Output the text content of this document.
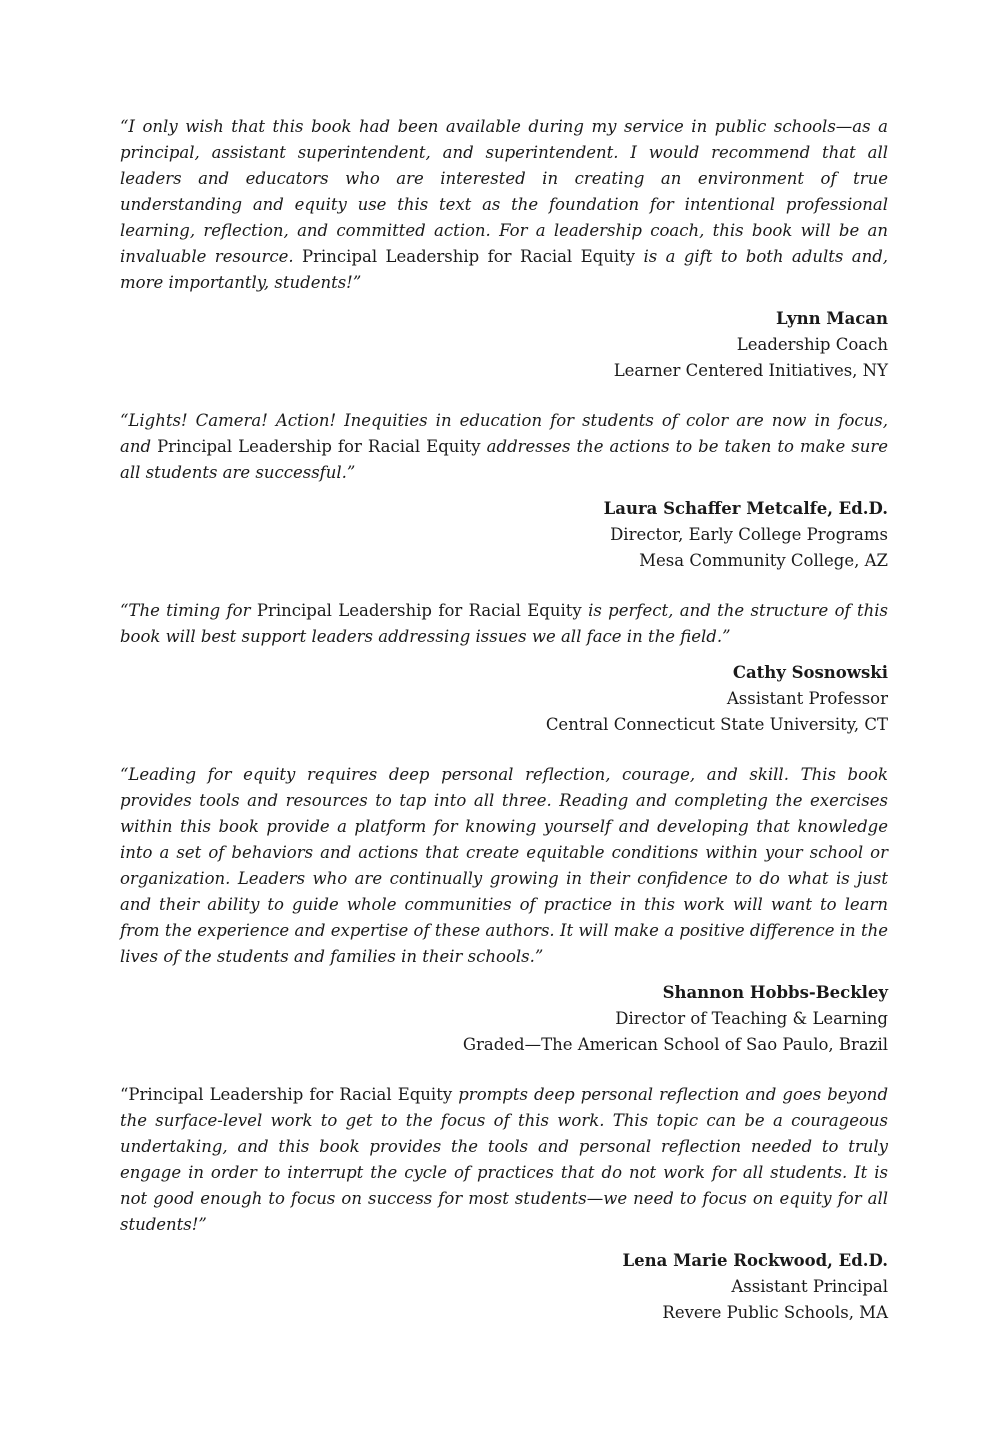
“I only wish that this book had been available during my service in public schools—as a principal, assistant superintendent, and superintendent. I would recommend that all leaders and educators who are interested in creating an environment of true understanding and equity use this text as the foundation for intentional professional learning, reflection, and committed action. For a leadership coach, this book will be an invaluable resource. Principal Leadership for Racial Equity is a gift to both adults and, more importantly, students!”

Lynn Macan
Leadership Coach
Learner Centered Initiatives, NY

“Lights! Camera! Action! Inequities in education for students of color are now in focus, and Principal Leadership for Racial Equity addresses the actions to be taken to make sure all students are successful.”

Laura Schaffer Metcalfe, Ed.D.
Director, Early College Programs
Mesa Community College, AZ

“The timing for Principal Leadership for Racial Equity is perfect, and the structure of this book will best support leaders addressing issues we all face in the field.”

Cathy Sosnowski
Assistant Professor
Central Connecticut State University, CT

“Leading for equity requires deep personal reflection, courage, and skill. This book provides tools and resources to tap into all three. Reading and completing the exercises within this book provide a platform for knowing yourself and developing that knowledge into a set of behaviors and actions that create equitable conditions within your school or organization. Leaders who are continually growing in their confidence to do what is just and their ability to guide whole communities of practice in this work will want to learn from the experience and expertise of these authors. It will make a positive difference in the lives of the students and families in their schools.”

Shannon Hobbs-Beckley
Director of Teaching & Learning
Graded—The American School of Sao Paulo, Brazil

“Principal Leadership for Racial Equity prompts deep personal reflection and goes beyond the surface-level work to get to the focus of this work. This topic can be a courageous undertaking, and this book provides the tools and personal reflection needed to truly engage in order to interrupt the cycle of practices that do not work for all students. It is not good enough to focus on success for most students—we need to focus on equity for all students!”

Lena Marie Rockwood, Ed.D.
Assistant Principal
Revere Public Schools, MA
